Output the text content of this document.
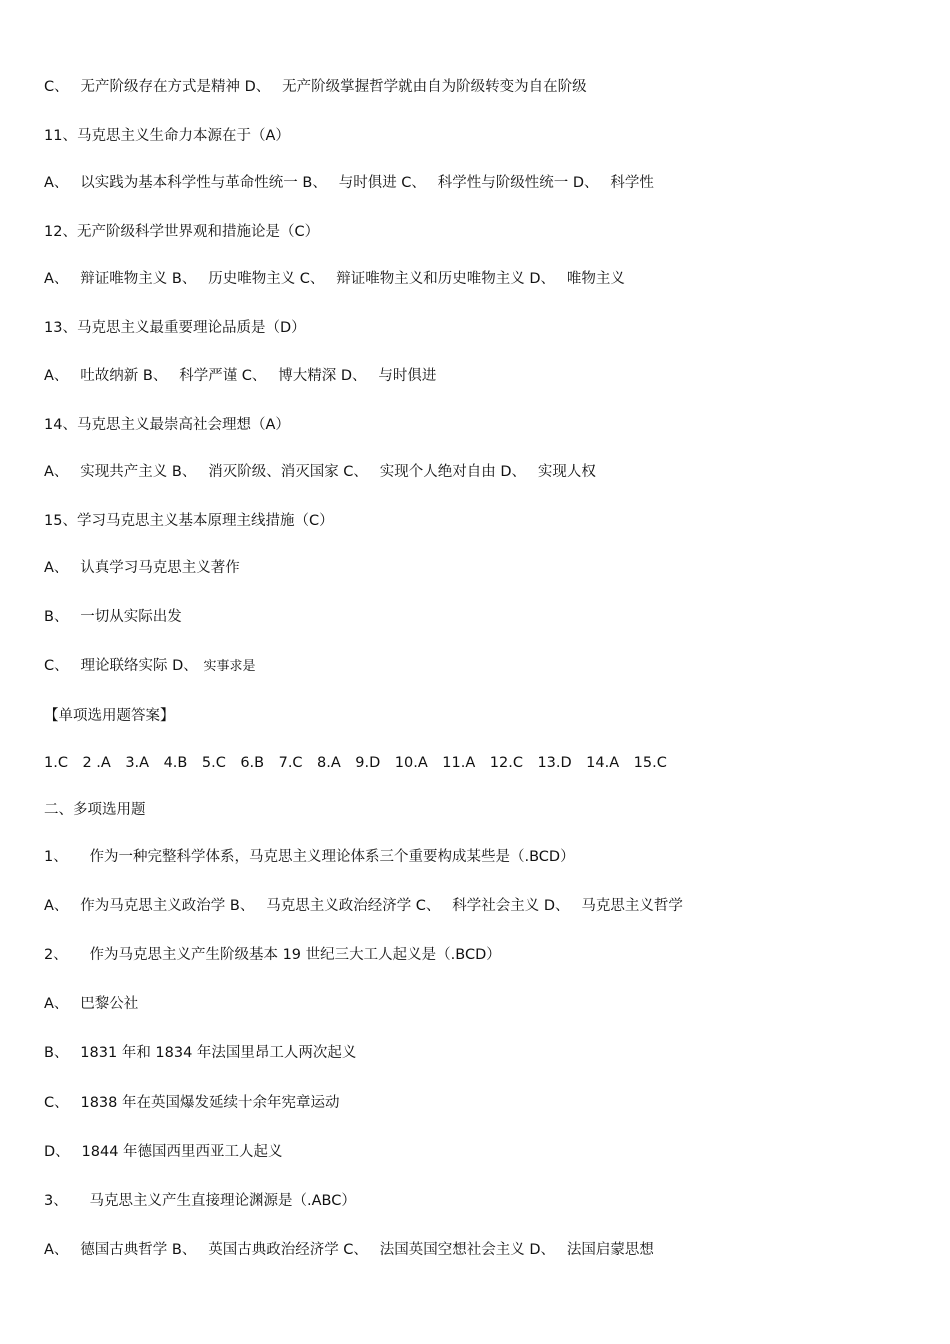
C、　 无产阶级存在方式是精神 D、　 无产阶级掌握哲学就由自为阶级转变为自在阶级
11、马克思主义生命力本源在于（A）
A、　 以实践为基本科学性与革命性统一 B、　 与时俱进 C、　 科学性与阶级性统一 D、　 科学性
12、无产阶级科学世界观和措施论是（C）
A、　 辩证唯物主义 B、　 历史唯物主义 C、　 辩证唯物主义和历史唯物主义 D、　 唯物主义
13、马克思主义最重要理论品质是（D）
A、　 吐故纳新 B、　 科学严谨 C、　 博大精深 D、　 与时俱进
14、马克思主义最崇高社会理想（A）
A、　 实现共产主义 B、　 消灭阶级、消灭国家 C、　 实现个人绝对自由 D、　 实现人权
15、学习马克思主义基本原理主线措施（C）
A、　 认真学习马克思主义著作
B、　 一切从实际出发
C、　 理论联络实际 D、　实事求是
【单项选用题答案】
1.C　2 .A　3.A　4.B　5.C　6.B　7.C　8.A　9.D　10.A　11.A　12.C　13.D　14.A　15.C
二、多项选用题
1、　　作为一种完整科学体系，马克思主义理论体系三个重要构成某些是（.BCD）
A、　 作为马克思主义政治学 B、　 马克思主义政治经济学 C、　 科学社会主义 D、　 马克思主义哲学
2、　　作为马克思主义产生阶级基本 19 世纪三大工人起义是（.BCD）
A、　 巴黎公社
B、　 1831 年和 1834 年法国里昂工人两次起义
C、　 1838 年在英国爆发延续十余年宪章运动
D、　 1844 年德国西里西亚工人起义
3、　　马克思主义产生直接理论渊源是（.ABC）
A、　 德国古典哲学 B、　 英国古典政治经济学 C、　 法国英国空想社会主义 D、　 法国启蒙思想
